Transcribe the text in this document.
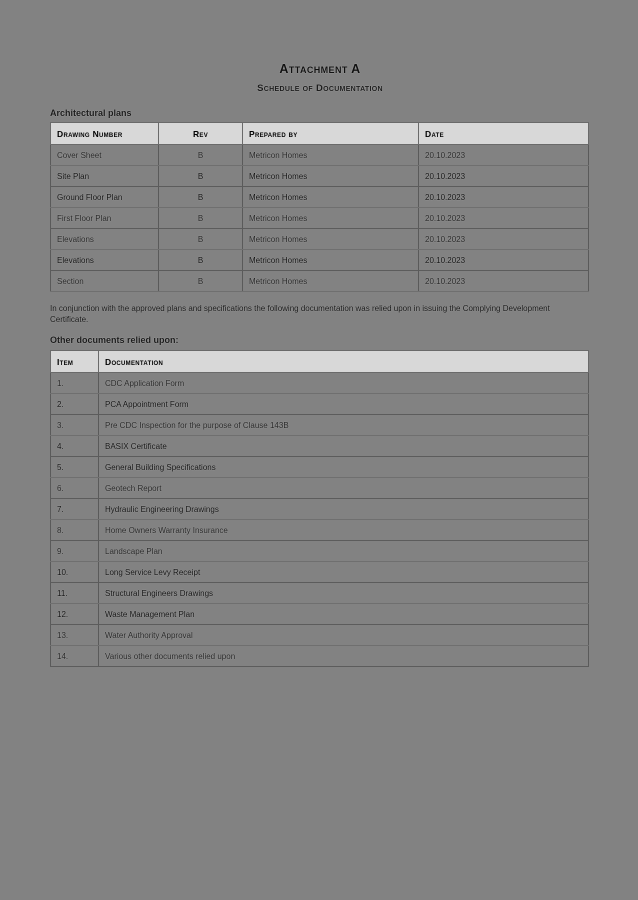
Attachment A
Schedule of Documentation
Architectural plans
Drawing Number	Rev	Prepared by	Date
Cover Sheet	B	Metricon Homes	20.10.2023
Site Plan	B	Metricon Homes	20.10.2023
Ground Floor Plan	B	Metricon Homes	20.10.2023
First Floor Plan	B	Metricon Homes	20.10.2023
Elevations	B	Metricon Homes	20.10.2023
Elevations	B	Metricon Homes	20.10.2023
Section	B	Metricon Homes	20.10.2023

In conjunction with the approved plans and specifications the following documentation was relied upon in issuing the Complying Development Certificate.

Other documents relied upon:
Item	Documentation
1.	CDC Application Form
2.	PCA Appointment Form
3.	Pre CDC Inspection for the purpose of Clause 143B
4.	BASIX Certificate
5.	General Building Specifications
6.	Geotech Report
7.	Hydraulic Engineering Drawings
8.	Home Owners Warranty Insurance
9.	Landscape Plan
10.	Long Service Levy Receipt
11.	Structural Engineers Drawings
12.	Waste Management Plan
13.	Water Authority Approval
14.	Various other documents relied upon
